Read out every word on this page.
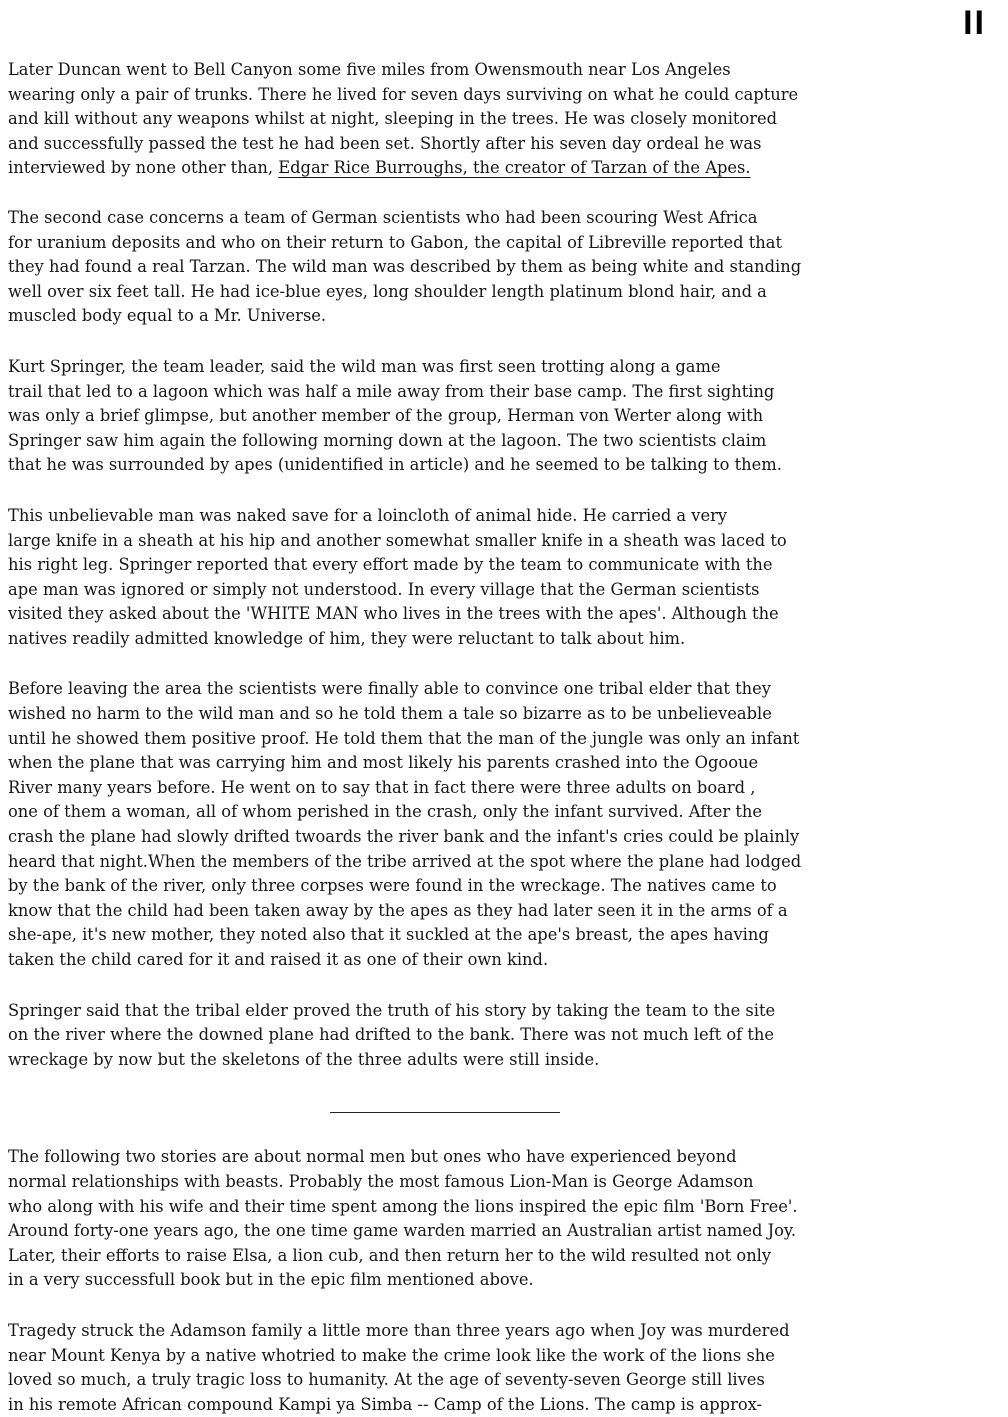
II

Later Duncan went to Bell Canyon some five miles from Owensmouth near Los Angeles
wearing only a pair of trunks. There he lived for seven days surviving on what he could capture
and kill without any weapons whilst at night, sleeping in the trees. He was closely monitored
and successfully passed the test he had been set. Shortly after his seven day ordeal he was
interviewed by none other than, Edgar Rice Burroughs, the creator of Tarzan of the Apes.

The second case concerns a team of German scientists who had been scouring West Africa
for uranium deposits and who on their return to Gabon, the capital of Libreville reported that
they had found a real Tarzan. The wild man was described by them as being white and standing
well over six feet tall. He had ice-blue eyes, long shoulder length platinum blond hair, and a
muscled body equal to a Mr. Universe.

Kurt Springer, the team leader, said the wild man was first seen trotting along a game
trail that led to a lagoon which was half a mile away from their base camp. The first sighting
was only a brief glimpse, but another member of the group, Herman von Werter along with
Springer saw him again the following morning down at the lagoon. The two scientists claim
that he was surrounded by apes (unidentified in article) and he seemed to be talking to them.

This unbelievable man was naked save for a loincloth of animal hide. He carried a very
large knife in a sheath at his hip and another somewhat smaller knife in a sheath was laced to
his right leg. Springer reported that every effort made by the team to communicate with the
ape man was ignored or simply not understood. In every village that the German scientists
visited they asked about the 'WHITE MAN who lives in the trees with the apes'. Although the
natives readily admitted knowledge of him, they were reluctant to talk about him.

Before leaving the area the scientists were finally able to convince one tribal elder that they
wished no harm to the wild man and so he told them a tale so bizarre as to be unbelieveable
until he showed them positive proof. He told them that the man of the jungle was only an infant
when the plane that was carrying him and most likely his parents crashed into the Ogooue
River many years before. He went on to say that in fact there were three adults on board ,
one of them a woman, all of whom perished in the crash, only the infant survived. After the
crash the plane had slowly drifted twoards the river bank and the infant's cries could be plainly
heard that night.When the members of the tribe arrived at the spot where the plane had lodged
by the bank of the river, only three corpses were found in the wreckage. The natives came to
know that the child had been taken away by the apes as they had later seen it in the arms of a
she-ape, it's new mother, they noted also that it suckled at the ape's breast, the apes having
taken the child cared for it and raised it as one of their own kind.

Springer said that the tribal elder proved the truth of his story by taking the team to the site
on the river where the downed plane had drifted to the bank. There was not much left of the
wreckage by now but the skeletons of the three adults were still inside.

The following two stories are about normal men but ones who have experienced beyond
normal relationships with beasts. Probably the most famous Lion-Man is George Adamson
who along with his wife and their time spent among the lions inspired the epic film 'Born Free'.
Around forty-one years ago, the one time game warden married an Australian artist named Joy.
Later, their efforts to raise Elsa, a lion cub, and then return her to the wild resulted not only
in a very successfull book but in the epic film mentioned above.

Tragedy struck the Adamson family a little more than three years ago when Joy was murdered
near Mount Kenya by a native whotried to make the crime look like the work of the lions she
loved so much, a truly tragic loss to humanity. At the age of seventy-seven George still lives
in his remote African compound Kampi ya Simba -- Camp of the Lions. The camp is approx-
